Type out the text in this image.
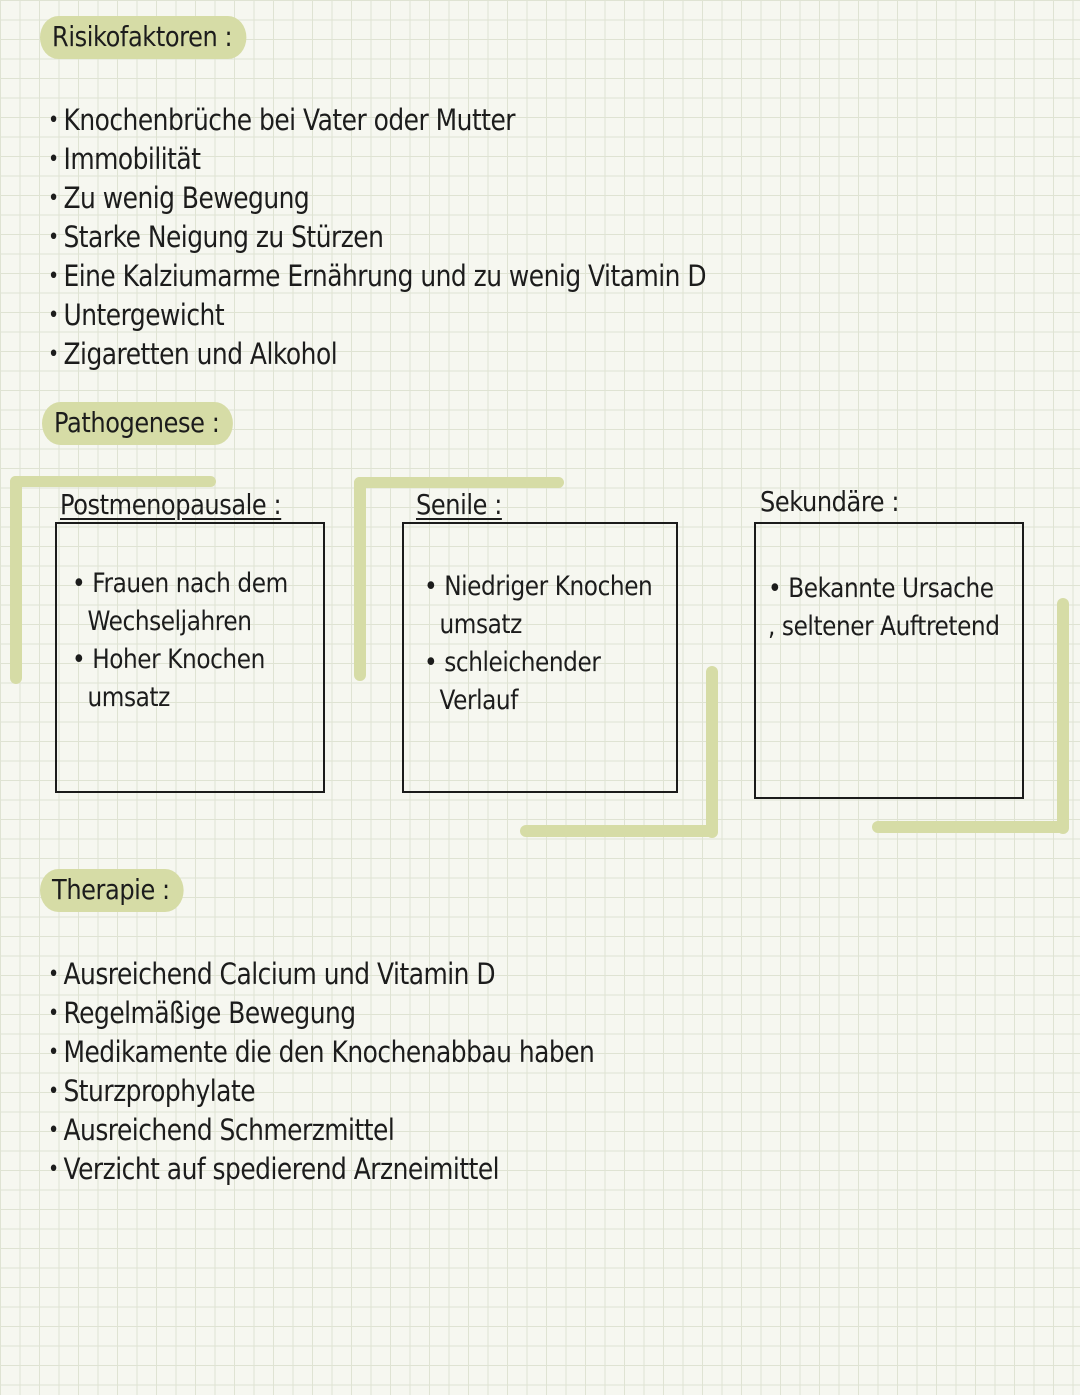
Risikofaktoren :
• Knochenbrüche bei Vater oder Mutter
• Immobilität
• Zu wenig Bewegung
• Starke Neigung zu Stürzen
• Eine Kalziumarme Ernährung und zu wenig Vitamin D
• Untergewicht
• Zigaretten und Alkohol
Pathogenese :
Postmenopausale :
• Frauen nach dem
Wechseljahren
• Hoher Knochen
umsatz
Senile :
• Niedriger Knochen
umsatz
• schleichender
Verlauf
Sekundäre :
• Bekannte Ursache
, seltener Auftretend
Therapie :
• Ausreichend Calcium und Vitamin D
• Regelmäßige Bewegung
• Medikamente die den Knochenabbau haben
• Sturzprophylate
• Ausreichend Schmerzmittel
• Verzicht auf spedierend Arzneimittel
